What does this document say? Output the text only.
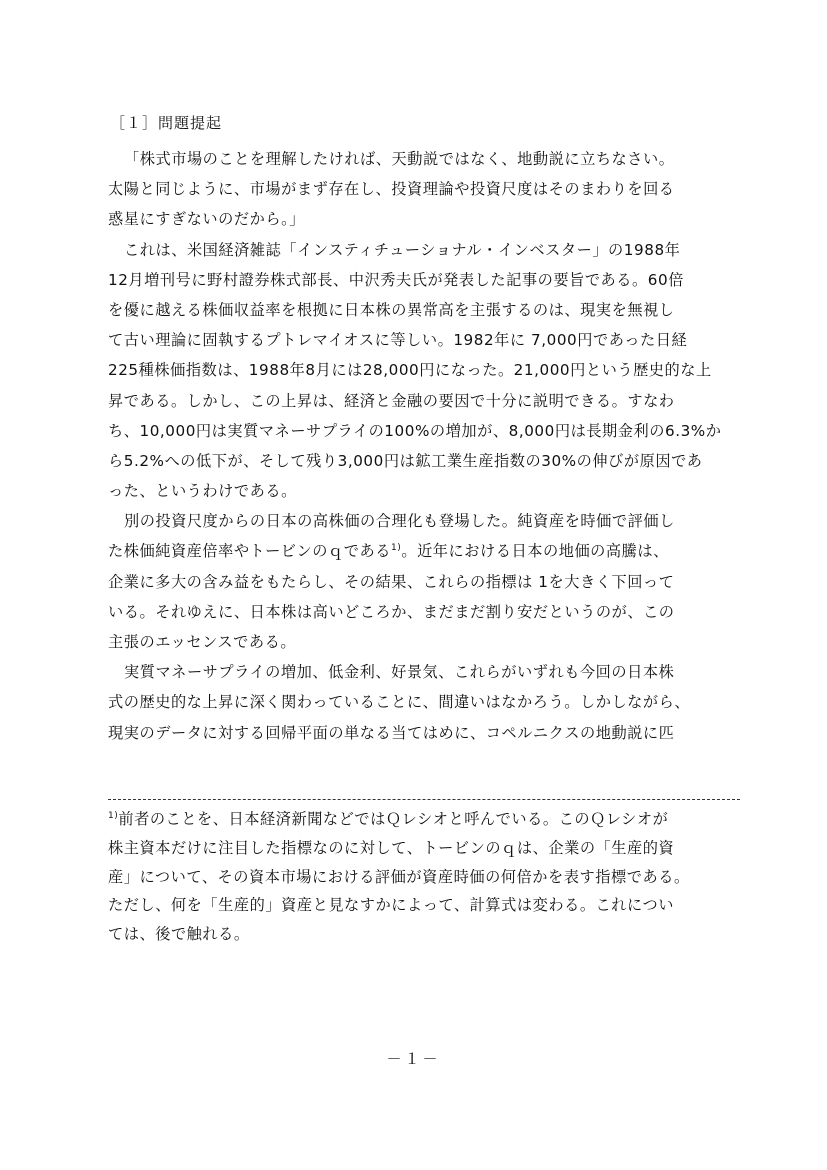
［１］問題提起
「株式市場のことを理解したければ、天動説ではなく、地動説に立ちなさい。
太陽と同じように、市場がまず存在し、投資理論や投資尺度はそのまわりを回る
惑星にすぎないのだから。」
これは、米国経済雑誌「インスティチューショナル・インベスター」の1988年
12月増刊号に野村證券株式部長、中沢秀夫氏が発表した記事の要旨である。60倍
を優に越える株価収益率を根拠に日本株の異常高を主張するのは、現実を無視し
て古い理論に固執するプトレマイオスに等しい。1982年に 7,000円であった日経
225種株価指数は、1988年8月には28,000円になった。21,000円という歴史的な上
昇である。しかし、この上昇は、経済と金融の要因で十分に説明できる。すなわ
ち、10,000円は実質マネーサプライの100%の増加が、8,000円は長期金利の6.3%か
ら5.2%への低下が、そして残り3,000円は鉱工業生産指数の30%の伸びが原因であ
った、というわけである。
別の投資尺度からの日本の高株価の合理化も登場した。純資産を時価で評価し
た株価純資産倍率やトービンのｑである$^{1)}$。近年における日本の地価の高騰は、
企業に多大の含み益をもたらし、その結果、これらの指標は 1を大きく下回って
いる。それゆえに、日本株は高いどころか、まだまだ割り安だというのが、この
主張のエッセンスである。
実質マネーサプライの増加、低金利、好景気、これらがいずれも今回の日本株
式の歴史的な上昇に深く関わっていることに、間違いはなかろう。しかしながら、
現実のデータに対する回帰平面の単なる当てはめに、コペルニクスの地動説に匹
$^{1)}$前者のことを、日本経済新聞などではＱレシオと呼んでいる。このＱレシオが
株主資本だけに注目した指標なのに対して、トービンのｑは、企業の「生産的資
産」について、その資本市場における評価が資産時価の何倍かを表す指標である。
ただし、何を「生産的」資産と見なすかによって、計算式は変わる。これについ
ては、後で触れる。
－１－
